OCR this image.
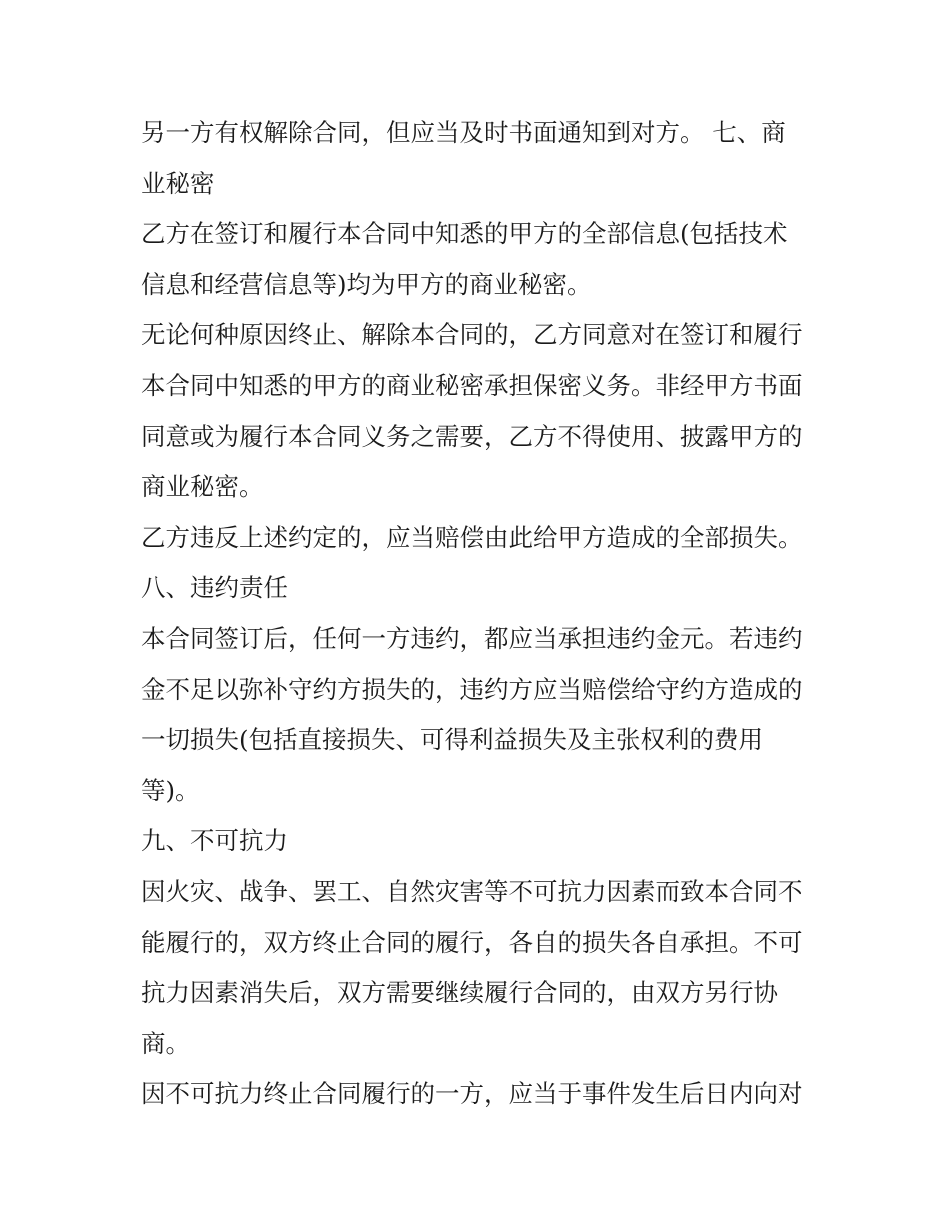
另一方有权解除合同，但应当及时书面通知到对方。 七、商
业秘密
乙方在签订和履行本合同中知悉的甲方的全部信息(包括技术
信息和经营信息等)均为甲方的商业秘密。
无论何种原因终止、解除本合同的，乙方同意对在签订和履行
本合同中知悉的甲方的商业秘密承担保密义务。非经甲方书面
同意或为履行本合同义务之需要，乙方不得使用、披露甲方的
商业秘密。
乙方违反上述约定的，应当赔偿由此给甲方造成的全部损失。
八、违约责任
本合同签订后，任何一方违约，都应当承担违约金元。若违约
金不足以弥补守约方损失的，违约方应当赔偿给守约方造成的
一切损失(包括直接损失、可得利益损失及主张权利的费用
等)。
九、不可抗力
因火灾、战争、罢工、自然灾害等不可抗力因素而致本合同不
能履行的，双方终止合同的履行，各自的损失各自承担。不可
抗力因素消失后，双方需要继续履行合同的，由双方另行协
商。
因不可抗力终止合同履行的一方，应当于事件发生后日内向对
